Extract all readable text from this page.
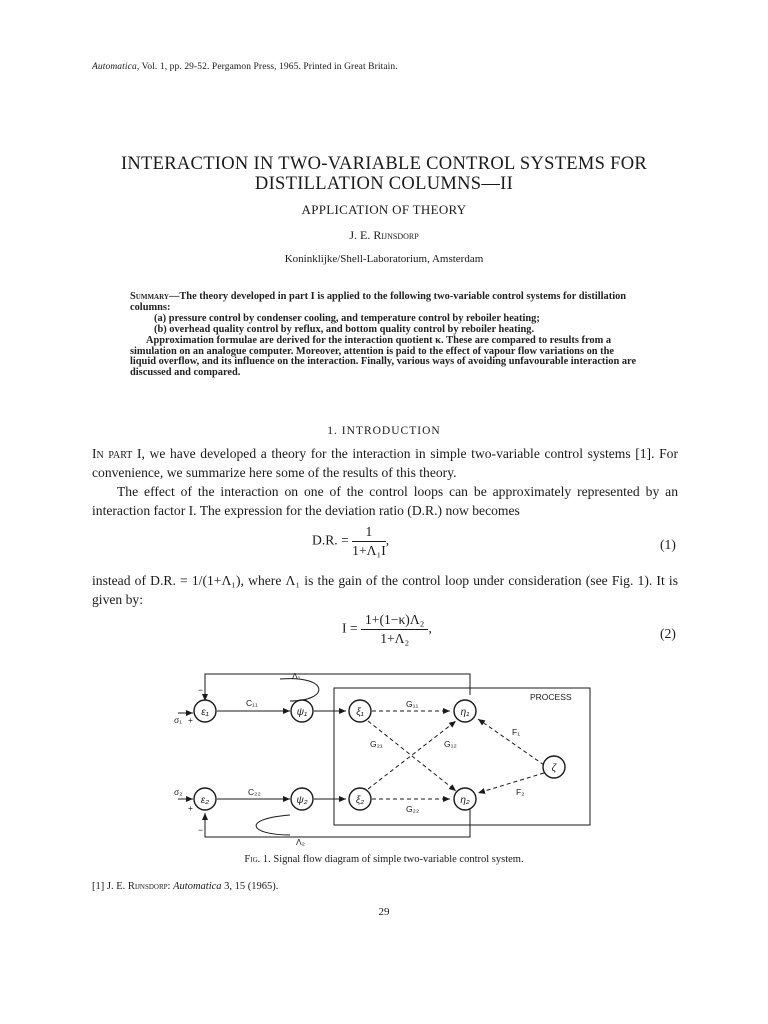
Automatica, Vol. 1, pp. 29-52. Pergamon Press, 1965. Printed in Great Britain.
INTERACTION IN TWO-VARIABLE CONTROL SYSTEMS FOR
DISTILLATION COLUMNS—II
APPLICATION OF THEORY
J. E. Rijnsdorp
Koninklijke/Shell-Laboratorium, Amsterdam

Summary—The theory developed in part I is applied to the following two-variable control systems for distillation columns:

(a) pressure control by condenser cooling, and temperature control by reboiler heating;

(b) overhead quality control by reflux, and bottom quality control by reboiler heating.

Approximation formulae are derived for the interaction quotient κ. These are compared to results from a simulation on an analogue computer. Moreover, attention is paid to the effect of vapour flow variations on the liquid overflow, and its influence on the interaction. Finally, various ways of avoiding unfavourable interaction are discussed and compared.

1. INTRODUCTION

In part I, we have developed a theory for the interaction in simple two-variable control systems [1]. For convenience, we summarize here some of the results of this theory.

The effect of the interaction on one of the control loops can be approximately represented by an interaction factor I. The expression for the deviation ratio (D.R.) now becomes

D.R. = $\frac{1}{\text{1+Λ₁I}}$ ,	(1)
instead of D.R. = 1/(1+Λ₁), where Λ₁ is the gain of the control loop under consideration (see Fig. 1). It is given by:
$I = \frac{\text{1+(1−κ)Λ₂}}{\text{1+Λ₂}}$ ,	(2)
ε₁
ε₂
ψ₁
ψ₂
ξ₁
ξ₂
η₁
η₂
ζ
PROCESS
Λ₁
Λ₂
C₁₁
C₂₂
G₁₁
G₂₂
G₂₁	G₁₂
F₁
F₂
σ₁
σ₂
−
+
+
−
Fig. 1. Signal flow diagram of simple two-variable control system.
[1] J. E. Rijnsdorp: Automatica 3, 15 (1965).
29
